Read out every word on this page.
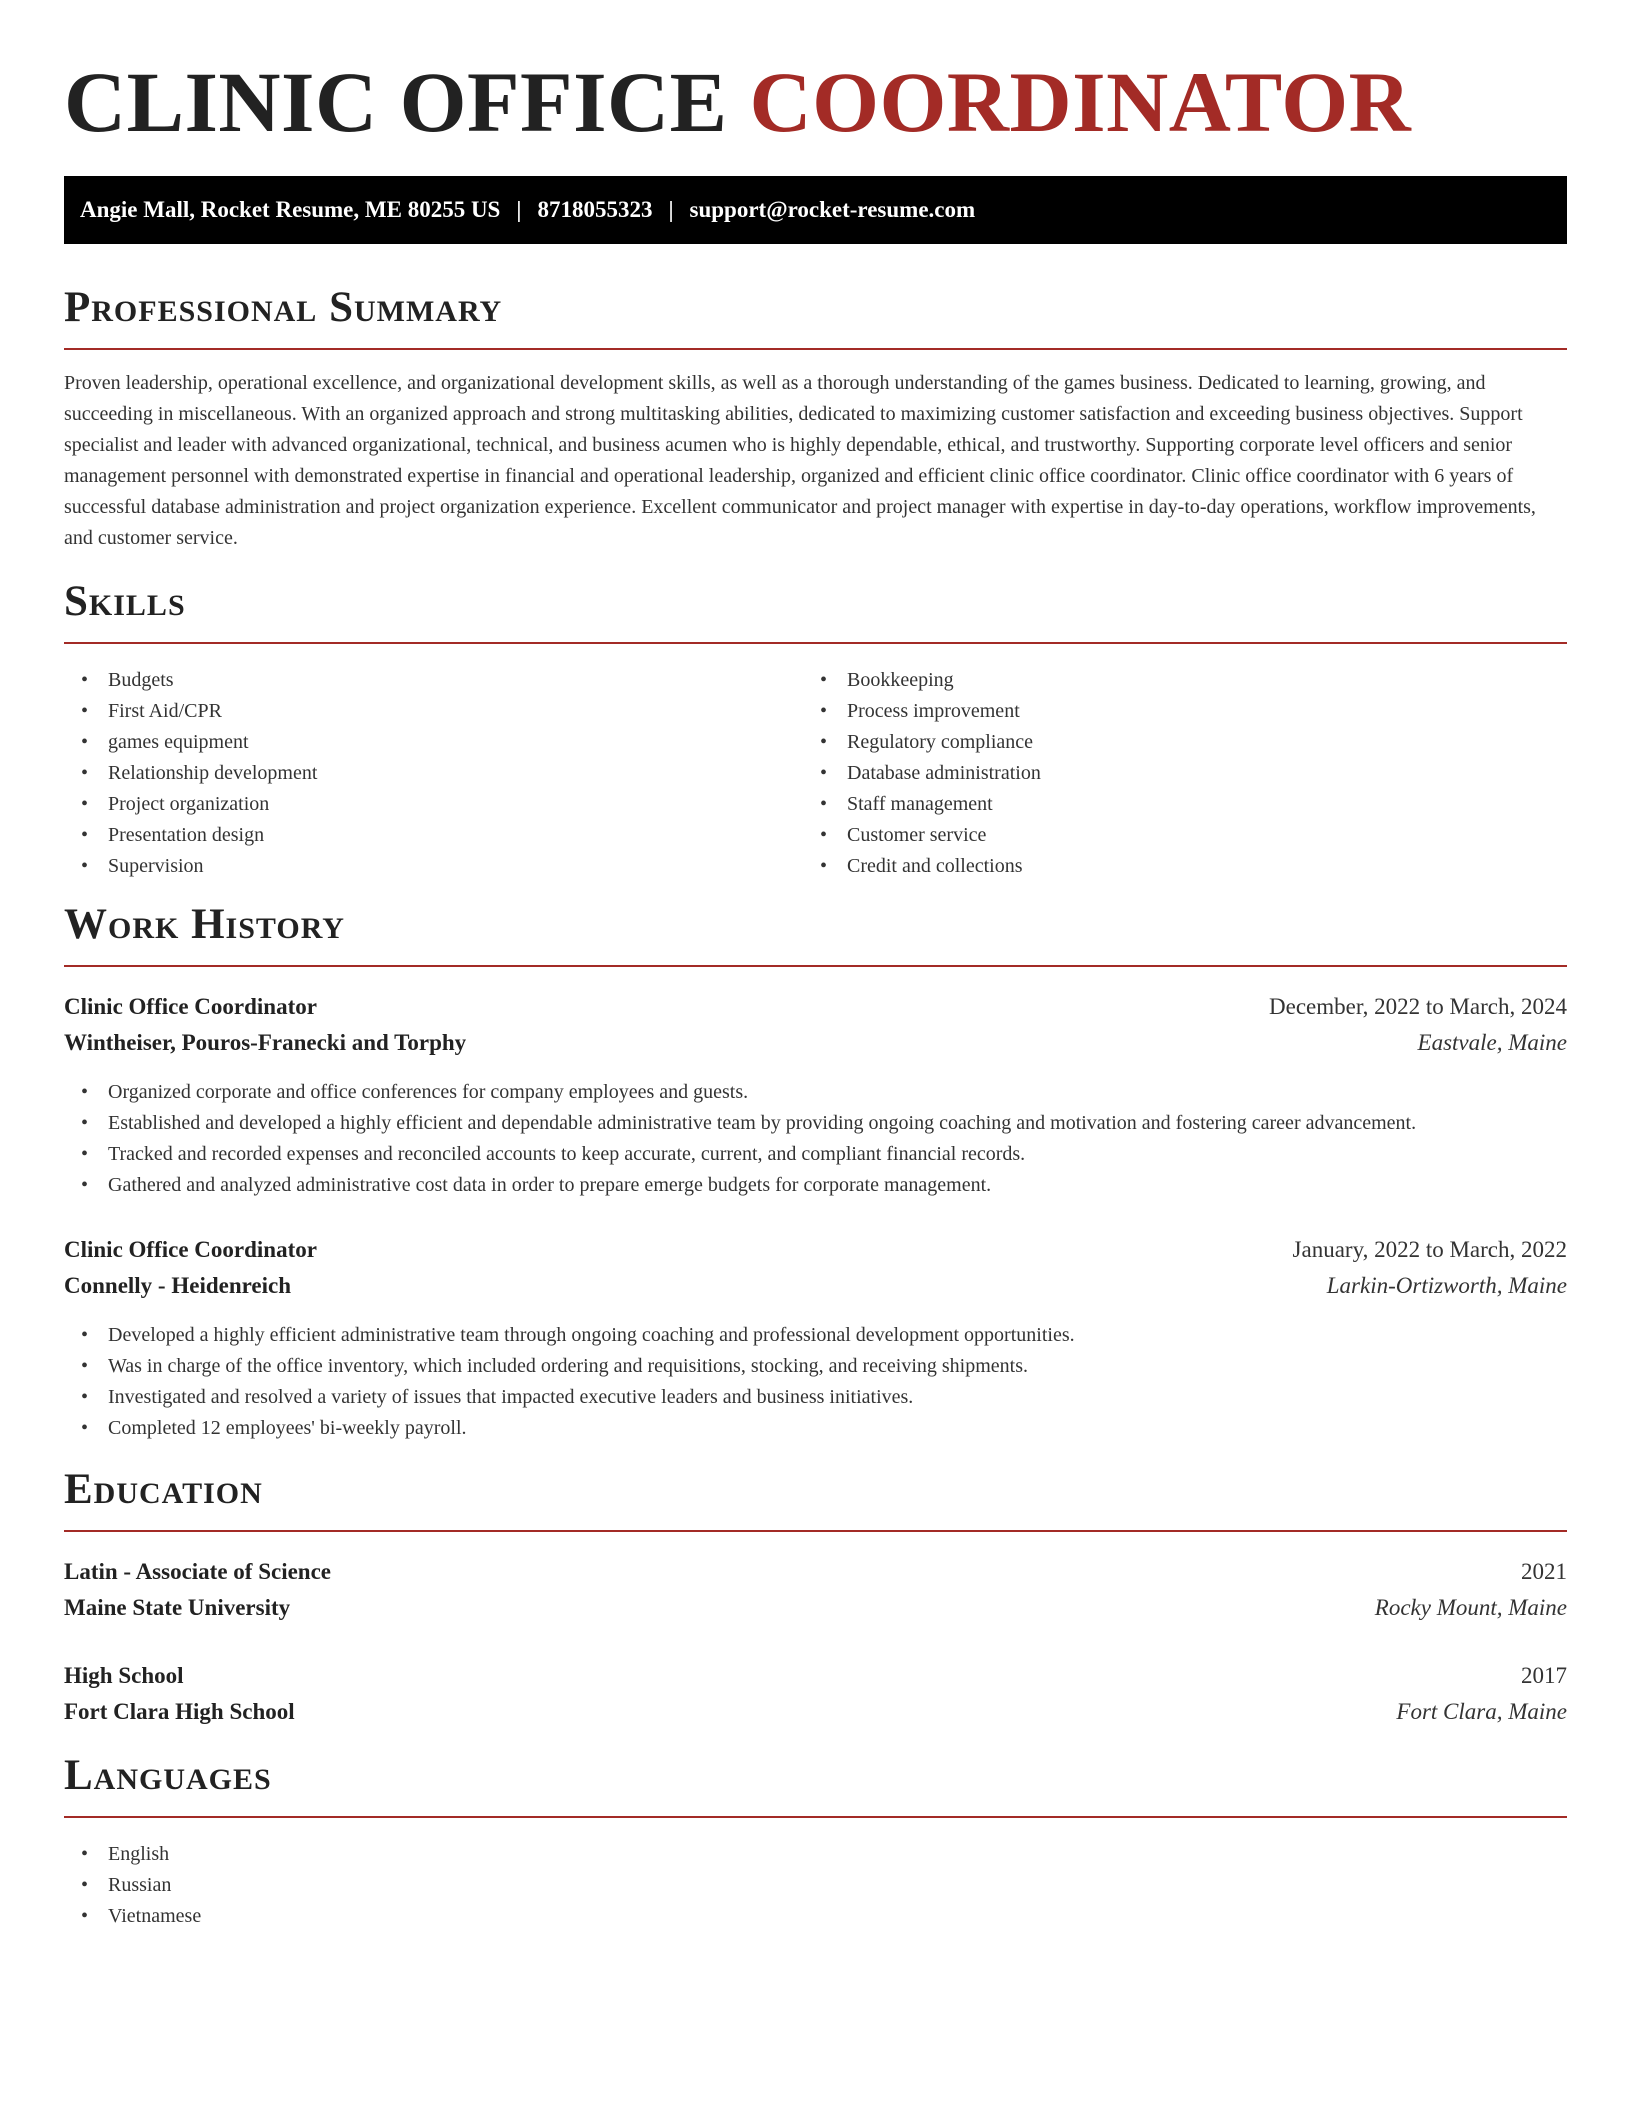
CLINIC OFFICE COORDINATOR
Angie Mall, Rocket Resume, ME 80255 US | 8718055323 | support@rocket-resume.com
Professional Summary

Proven leadership, operational excellence, and organizational development skills, as well as a thorough understanding of the games business. Dedicated to learning, growing, and succeeding in miscellaneous. With an organized approach and strong multitasking abilities, dedicated to maximizing customer satisfaction and exceeding business objectives. Support specialist and leader with advanced organizational, technical, and business acumen who is highly dependable, ethical, and trustworthy. Supporting corporate level officers and senior management personnel with demonstrated expertise in financial and operational leadership, organized and efficient clinic office coordinator. Clinic office coordinator with 6 years of successful database administration and project organization experience. Excellent communicator and project manager with expertise in day-to-day operations, workflow improvements, and customer service.

Skills
• Budgets
• First Aid/CPR
• games equipment
• Relationship development
• Project organization
• Presentation design
• Supervision
• Bookkeeping
• Process improvement
• Regulatory compliance
• Database administration
• Staff management
• Customer service
• Credit and collections
Work History
Clinic Office Coordinator	December, 2022 to March, 2024
Wintheiser, Pouros-Franecki and Torphy	Eastvale, Maine
• Organized corporate and office conferences for company employees and guests.
• Established and developed a highly efficient and dependable administrative team by providing ongoing coaching and motivation and fostering career advancement.
• Tracked and recorded expenses and reconciled accounts to keep accurate, current, and compliant financial records.
• Gathered and analyzed administrative cost data in order to prepare emerge budgets for corporate management.
Clinic Office Coordinator	January, 2022 to March, 2022
Connelly - Heidenreich	Larkin-Ortizworth, Maine
• Developed a highly efficient administrative team through ongoing coaching and professional development opportunities.
• Was in charge of the office inventory, which included ordering and requisitions, stocking, and receiving shipments.
• Investigated and resolved a variety of issues that impacted executive leaders and business initiatives.
• Completed 12 employees' bi-weekly payroll.
Education
Latin - Associate of Science	2021
Maine State University	Rocky Mount, Maine
High School	2017
Fort Clara High School	Fort Clara, Maine
Languages
• English
• Russian
• Vietnamese
